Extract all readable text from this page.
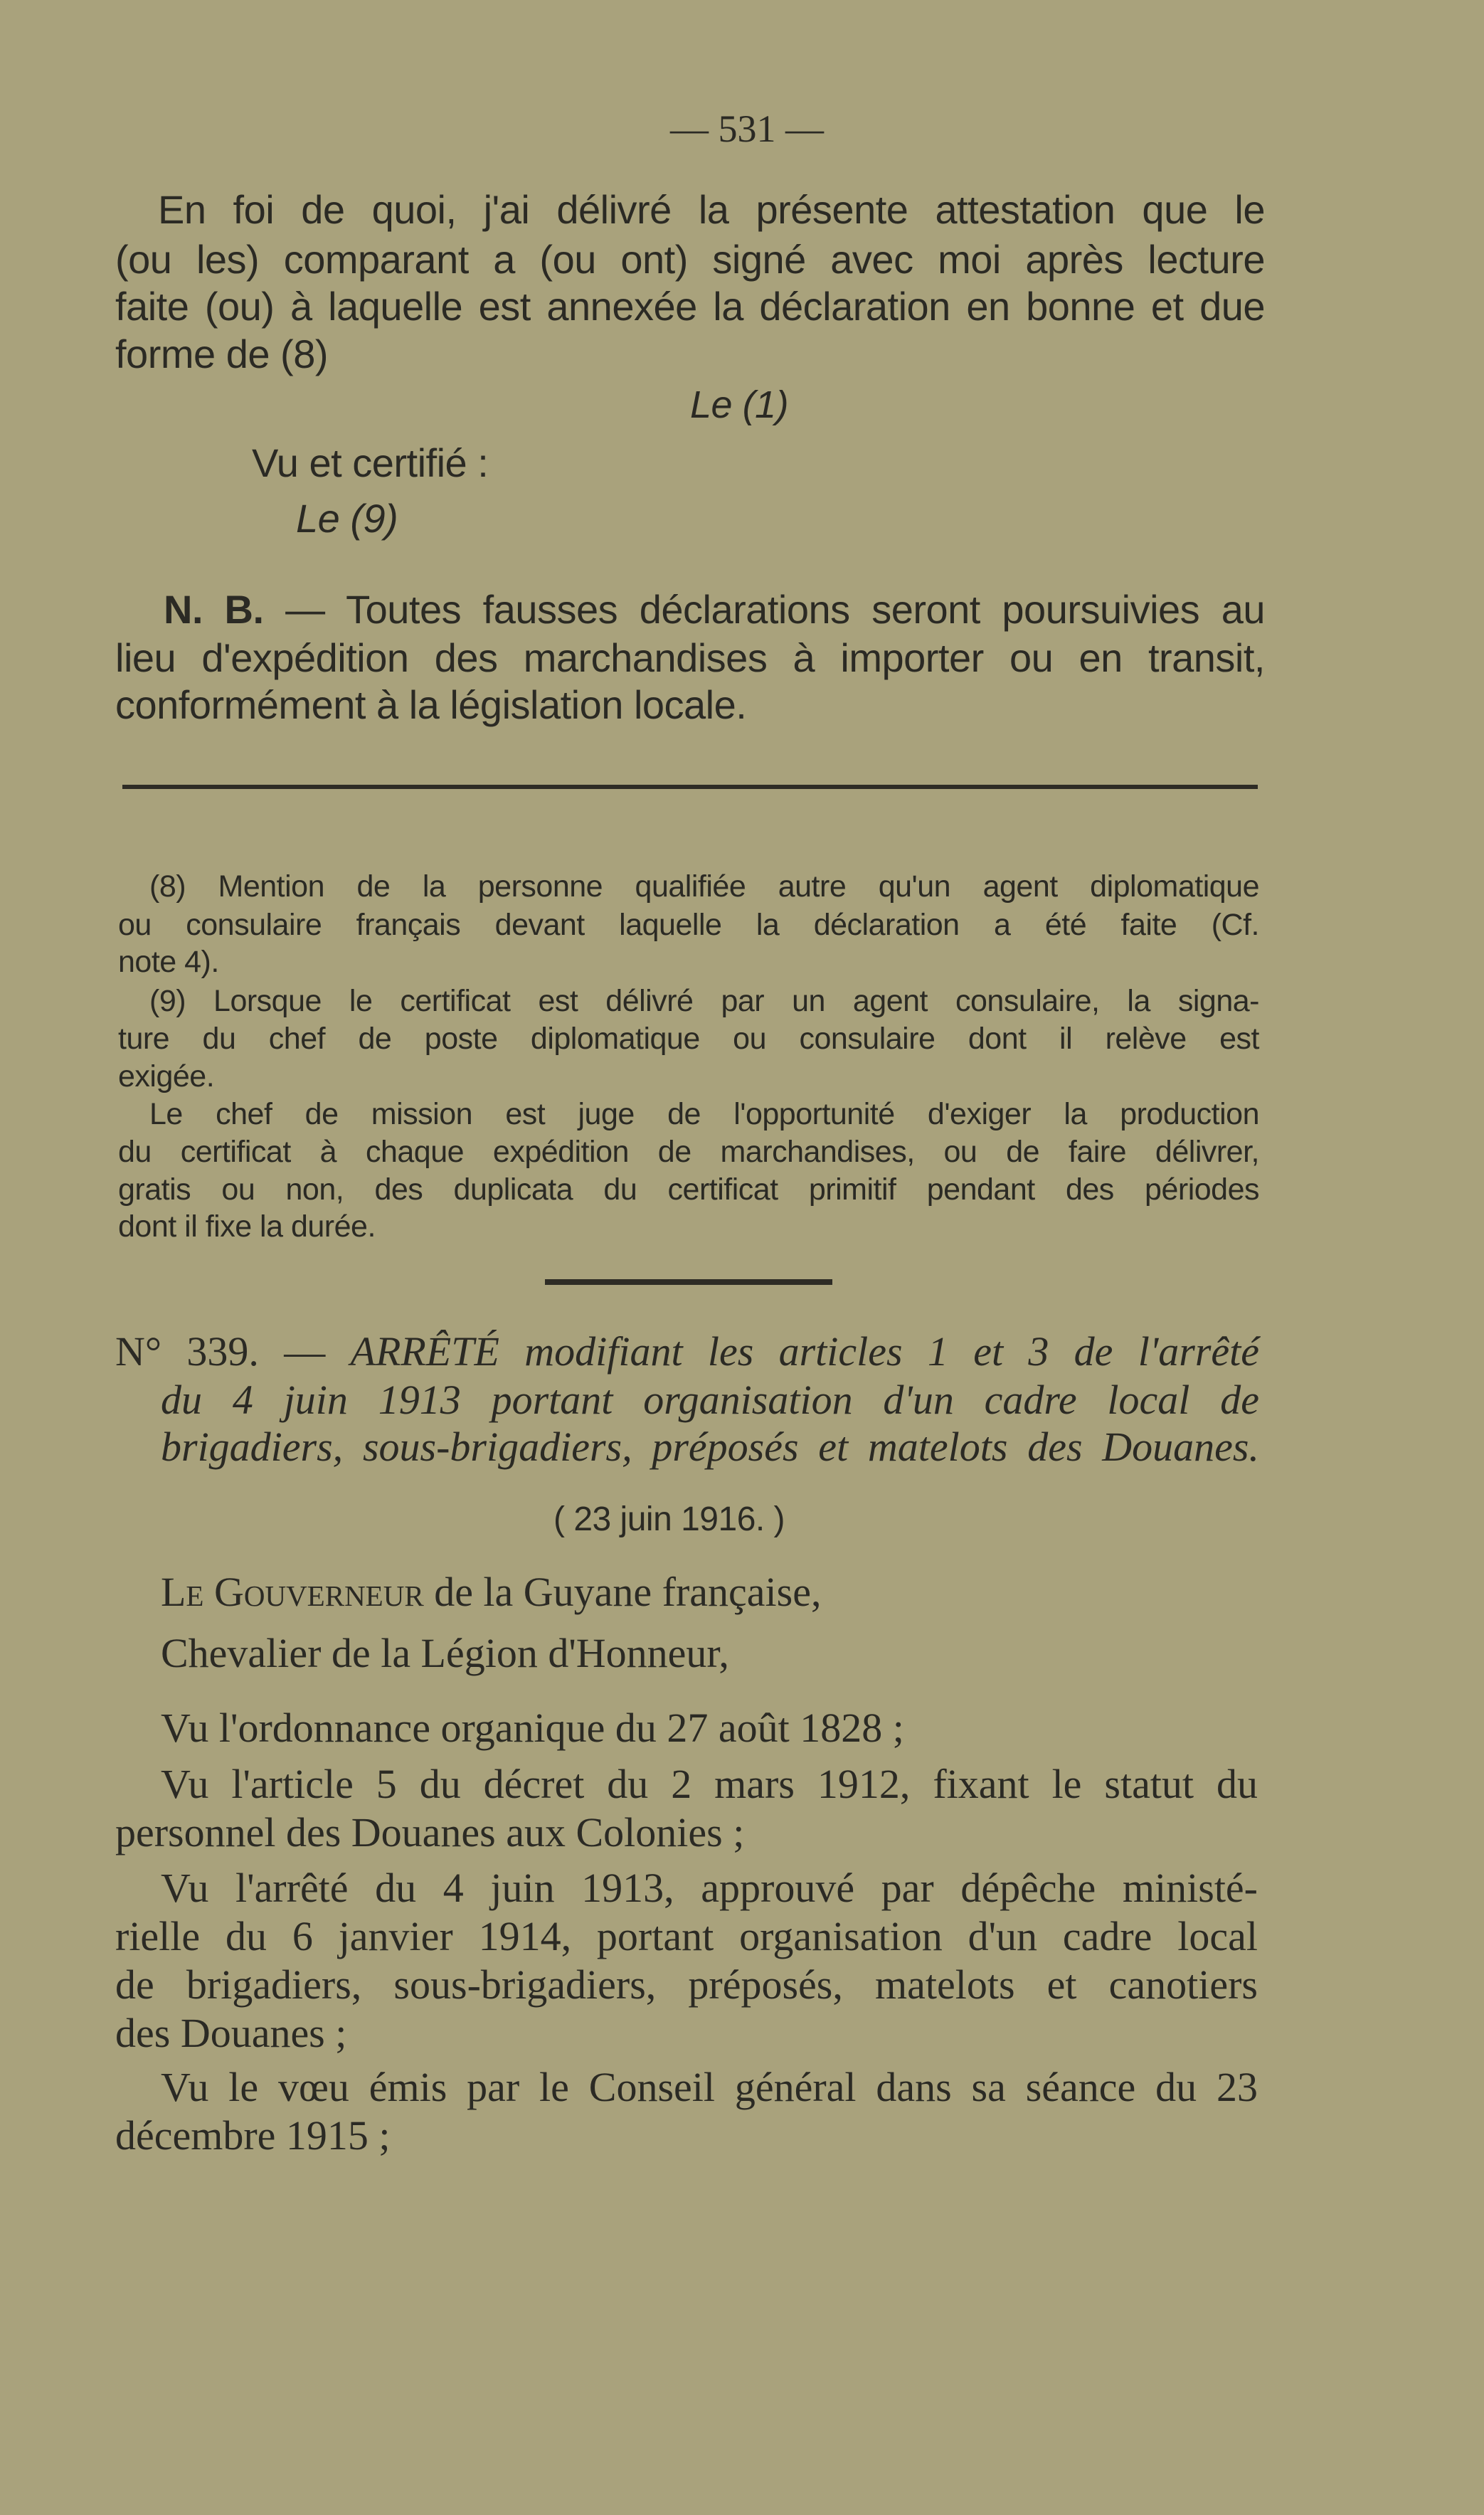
— 531 —
En foi de quoi, j'ai délivré la présente attestation que le
(ou les) comparant a (ou ont) signé avec moi après lecture
faite (ou) à laquelle est annexée la déclaration en bonne et due
forme de (8)
Le (1)
Vu et certifié :
Le (9)
N. B. — Toutes fausses déclarations seront poursuivies au
lieu d'expédition des marchandises à importer ou en transit,
conformément à la législation locale.
(8) Mention de la personne qualifiée autre qu'un agent diplomatique
ou consulaire français devant laquelle la déclaration a été faite (Cf.
note 4).
(9) Lorsque le certificat est délivré par un agent consulaire, la signa-
ture du chef de poste diplomatique ou consulaire dont il relève est
exigée.
Le chef de mission est juge de l'opportunité d'exiger la production
du certificat à chaque expédition de marchandises, ou de faire délivrer,
gratis ou non, des duplicata du certificat primitif pendant des périodes
dont il fixe la durée.
N° 339. — ARRÊTÉ modifiant les articles 1 et 3 de l'arrêté
du 4 juin 1913 portant organisation d'un cadre local de
brigadiers, sous-brigadiers, préposés et matelots des Douanes.
( 23 juin 1916. )
Le Gouverneur de la Guyane française,
Chevalier de la Légion d'Honneur,
Vu l'ordonnance organique du 27 août 1828 ;
Vu l'article 5 du décret du 2 mars 1912, fixant le statut du
personnel des Douanes aux Colonies ;
Vu l'arrêté du 4 juin 1913, approuvé par dépêche ministé-
rielle du 6 janvier 1914, portant organisation d'un cadre local
de brigadiers, sous-brigadiers, préposés, matelots et canotiers
des Douanes ;
Vu le vœu émis par le Conseil général dans sa séance du 23
décembre 1915 ;
